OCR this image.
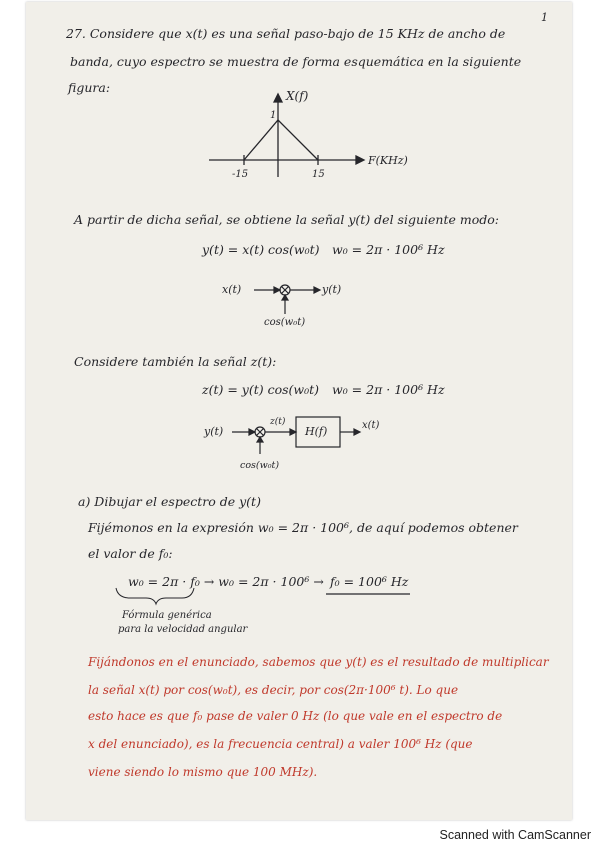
1
27. Considere que x(t) es una señal paso-bajo de 15 KHz de ancho de
banda, cuyo espectro se muestra de forma esquemática en la siguiente
figura:
X(f)
1
F(KHz)
-15	15
A partir de dicha señal, se obtiene la señal y(t) del siguiente modo:
y(t) = x(t) cos(w₀t) w₀ = 2π · 100⁶ Hz
x(t)	y(t)
cos(w₀t)
Considere también la señal z(t):
z(t) = y(t) cos(w₀t) w₀ = 2π · 100⁶ Hz
y(t)
z(t)
H(f)	x(t)
cos(w₀t)
a) Dibujar el espectro de y(t)
Fijémonos en la expresión w₀ = 2π · 100⁶, de aquí podemos obtener
el valor de f₀:
w₀ = 2π · f₀ → w₀ = 2π · 100⁶ → f₀ = 100⁶ Hz
Fórmula genérica
para la velocidad angular
Fijándonos en el enunciado, sabemos que y(t) es el resultado de multiplicar
la señal x(t) por cos(w₀t), es decir, por cos(2π·100⁶ t). Lo que
esto hace es que f₀ pase de valer 0 Hz (lo que vale en el espectro de
x del enunciado), es la frecuencia central) a valer 100⁶ Hz (que
viene siendo lo mismo que 100 MHz).
Scanned with CamScanner
